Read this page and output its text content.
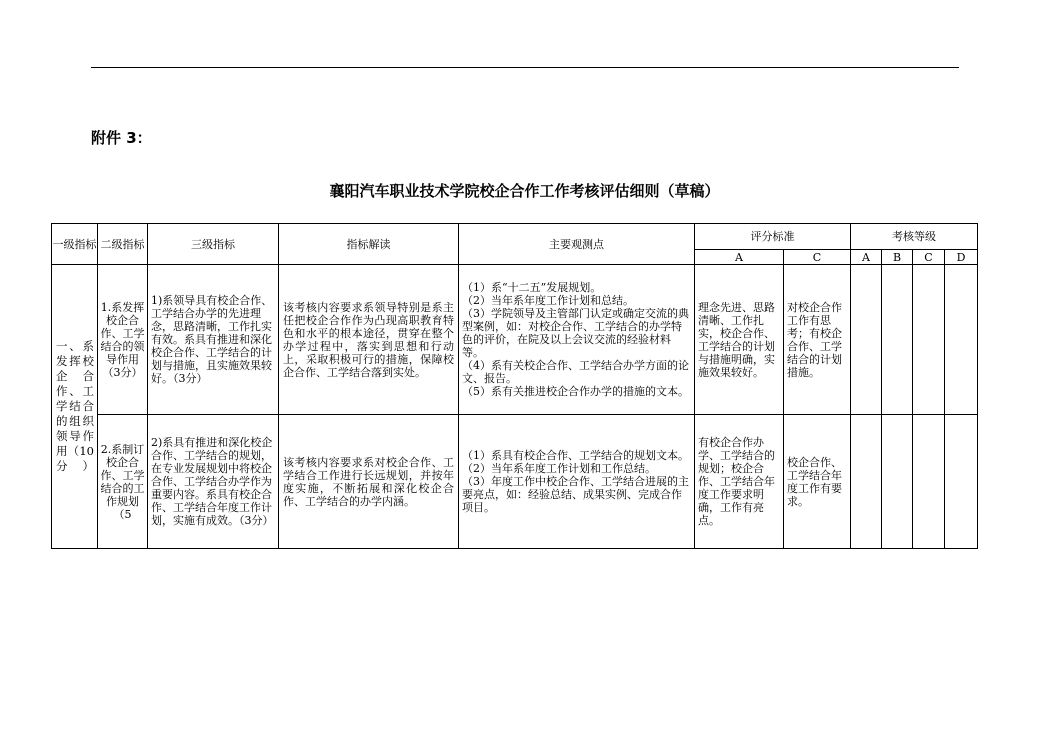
附件 3：
襄阳汽车职业技术学院校企合作工作考核评估细则（草稿）
一级指标	二级指标	三级指标	指标解读	主要观测点	评分标准		考核等级			
					A	C	A	B	C	D
一、系发挥校企合作、工学结合的组织领导作用（10分）	1.系发挥校企合作、工学结合的领导作用（3分）	1)系领导具有校企合作、工学结合办学的先进理念，思路清晰，工作扎实有效。系具有推进和深化校企合作、工学结合的计划与措施，且实施效果较好。（3分）	该考核内容要求系领导特别是系主任把校企合作作为凸现高职教育特色和水平的根本途径，贯穿在整个办学过程中，落实到思想和行动上，采取积极可行的措施，保障校企合作、工学结合落到实处。	（1）系“十二五”发展规划。
（2）当年系年度工作计划和总结。
（3）学院领导及主管部门认定或确定交流的典型案例，如：对校企合作、工学结合的办学特色的评价，在院及以上会议交流的经验材料等。
（4）系有关校企合作、工学结合办学方面的论文、报告。
（5）系有关推进校企合作办学的措施的文本。	理念先进、思路清晰、工作扎实，校企合作、工学结合的计划与措施明确，实施效果较好。	对校企合作工作有思考；有校企合作、工学结合的计划措施。				
	2.系制订校企合作、工学结合的工作规划（5	2)系具有推进和深化校企合作、工学结合的规划，在专业发展规划中将校企合作、工学结合办学作为重要内容。系具有校企合作、工学结合年度工作计划，实施有成效。（3分）	该考核内容要求系对校企合作、工学结合工作进行长远规划，并按年度实施，不断拓展和深化校企合作、工学结合的办学内涵。	（1）系具有校企合作、工学结合的规划文本。
（2）当年系年度工作计划和工作总结。
（3）年度工作中校企合作、工学结合进展的主要亮点，如：经验总结、成果实例、完成合作项目。	有校企合作办学、工学结合的规划；校企合作、工学结合年度工作要求明确，工作有亮点。	校企合作、工学结合年度工作有要求。				
